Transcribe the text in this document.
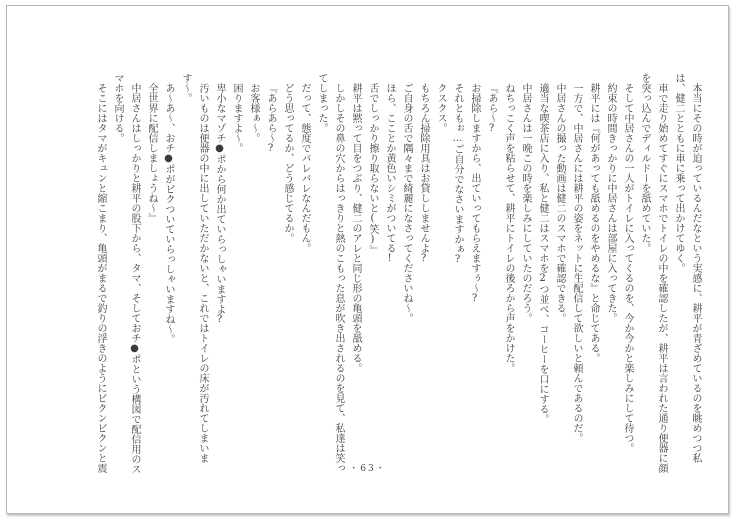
本当にその時が迫っているんだなという実感に、耕平が青ざめているのを眺めつつ私は、健二とともに車に乗って出かけてゆく。

車で走り始めてすぐにスマホでトイレの中を確認したが、耕平は言われた通り便器に顔を突っ込んでディルドーを舐めていた。

そして中居さんの一人がトイレに入ってくるのを、今か今かと楽しみにして待つ。

約束の時間きっかりに中居さんは部屋に入ってきた。

耕平には『何があっても舐めるのをやめるな』と命じてある。

一方で、中居さんには耕平の姿をネットに生配信して欲しいと頼んであるのだ。

中居さんの撮った動画は健二のスマホで確認できる。

適当な喫茶店に入り、私と健二はスマホを2つ並べ、コーヒーを口にする。

中居さんは一晩この時を楽しみにしていたのだろう。

ねちっこく声を粘らせて、耕平にトイレの後ろから声をかけた。

『あら〜?

お掃除しますから、出ていってもらえますぅ〜?

それともぉ…ご自分でなさいますかぁ?

クスクス。

もちろん掃除用具はお貸ししませんよ?

ご自身の舌で隅々まで綺麗になさってくださいね〜。

ほら、こことか黄色いシミがついてる!

舌でしっかり擦り取らないと(笑)』

耕平は黙って目をつぶり、健二のアレと同じ形の亀頭を舐める。

しかしその鼻の穴からはっきりと熱のこもった息が吹き出されるのを見て、私達は笑ってしまった。

だって、態度でバレバレなんだもん。

どう思ってるか、どう感じてるか。

『あらあら〜?

お客様ぁ〜。

困りますよ〜。

卑小なマゾチ●ポから何か出ていらっしゃいますよ?

汚いものは便器の中に出していただかないと、これではトイレの床が汚れてしまいます〜。

あ〜あ〜、おチ●ポがビクついていらっしゃいますね〜。

全世界に配信しましょうね〜』

中居さんはしっかりと耕平の股下から、タマ、そしておチ●ポという構図で配信用のスマホを向ける。

そこにはタマがキュンと縮こまり、亀頭がまるで釣りの浮きのようにビクンビクンと震	・63・
